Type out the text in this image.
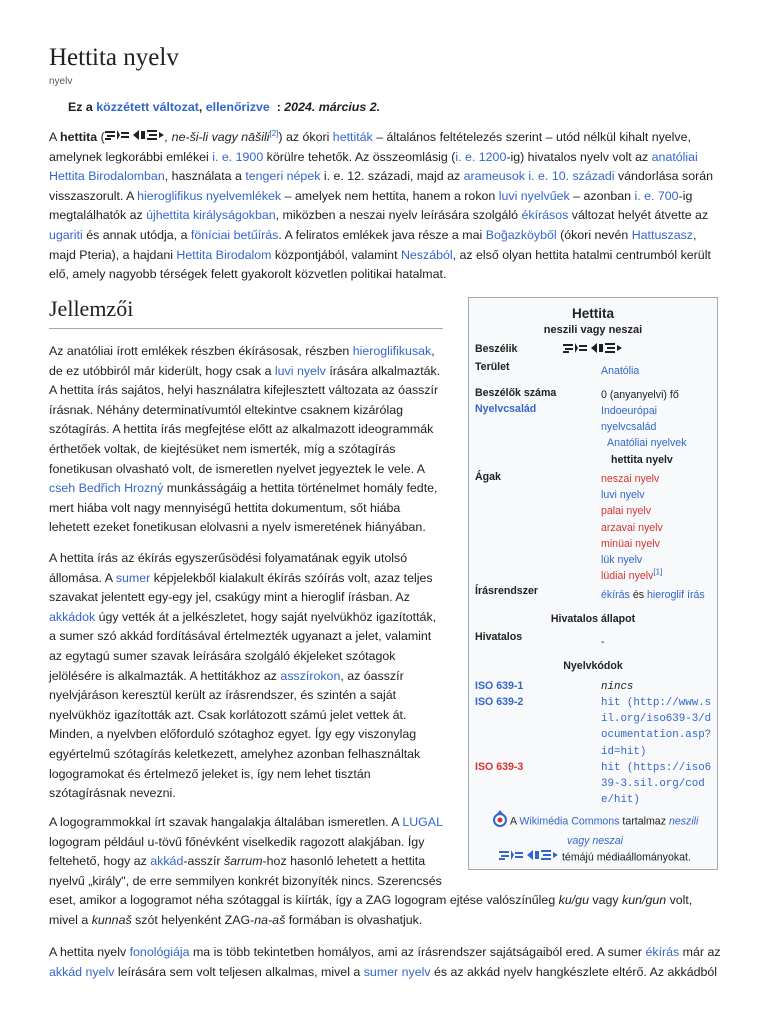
Hettita nyelv
nyelv
Ez a közzétett változat, ellenőrizve : 2024. március 2.
A hettita (	, ne-ši-li vagy nāšili[2]) az ókori hettiták – általános feltételezés szerint – utód nélkül kihalt nyelve,
amelynek legkorábbi emlékei i. e. 1900 körülre tehetők. Az összeomlásig (i. e. 1200-ig) hivatalos nyelv volt az anatóliai
Hettita Birodalomban, használata a tengeri népek i. e. 12. századi, majd az arameusok i. e. 10. századi vándorlása során
visszaszorult. A hieroglifikus nyelvemlékek – amelyek nem hettita, hanem a rokon luvi nyelvűek – azonban i. e. 700-ig
megtalálhatók az újhettita királyságokban, miközben a neszai nyelv leírására szolgáló ékírásos változat helyét átvette az
ugariti és annak utódja, a föníciai betűírás. A feliratos emlékek java része a mai Boğazköyből (ókori nevén Hattuszasz,
majd Pteria), a hajdani Hettita Birodalom központjából, valamint Neszából, az első olyan hettita hatalmi centrumból került
elő, amely nagyobb térségek felett gyakorolt közvetlen politikai hatalmat.
Jellemzői
Az anatóliai írott emlékek részben ékírásosak, részben hieroglifikusak,
de ez utóbbiról már kiderült, hogy csak a luvi nyelv írására alkalmazták.
A hettita írás sajátos, helyi használatra kifejlesztett változata az óasszír
írásnak. Néhány determinatívumtól eltekintve csaknem kizárólag
szótagírás. A hettita írás megfejtése előtt az alkalmazott ideogrammák
érthetőek voltak, de kiejtésüket nem ismerték, míg a szótagírás
fonetikusan olvasható volt, de ismeretlen nyelvet jegyeztek le vele. A
cseh Bedřich Hrozný munkásságáig a hettita történelmet homály fedte,
mert hiába volt nagy mennyiségű hettita dokumentum, sőt hiába
lehetett ezeket fonetikusan elolvasni a nyelv ismeretének hiányában.
A hettita írás az ékírás egyszerűsödési folyamatának egyik utolsó
állomása. A sumer képjelekből kialakult ékírás szóírás volt, azaz teljes
szavakat jelentett egy-egy jel, csakúgy mint a hieroglif írásban. Az
akkádok úgy vették át a jelkészletet, hogy saját nyelvükhöz igazították,
a sumer szó akkád fordításával értelmezték ugyanazt a jelet, valamint
az egytagú sumer szavak leírására szolgáló ékjeleket szótagok
jelölésére is alkalmazták. A hettitákhoz az asszírokon, az óasszír
nyelvjáráson keresztül került az írásrendszer, és szintén a saját
nyelvükhöz igazították azt. Csak korlátozott számú jelet vettek át.
Minden, a nyelvben előforduló szótaghoz egyet. Így egy viszonylag
egyértelmű szótagírás keletkezett, amelyhez azonban felhasználtak
logogramokat és értelmező jeleket is, így nem lehet tisztán
szótagírásnak nevezni.
A logogrammokkal írt szavak hangalakja általában ismeretlen. A LUGAL
logogram például u-tövű főnévként viselkedik ragozott alakjában. Így
feltehető, hogy az akkád-asszír šarrum-hoz hasonló lehetett a hettita
nyelvű „király", de erre semmilyen konkrét bizonyíték nincs. Szerencsés
eset, amikor a logogramot néha szótaggal is kiírták, így a ZAG logogram ejtése valószínűleg ku/gu vagy kun/gun volt,
mivel a kunnaš szót helyenként ZAG-na-aš formában is olvashatjuk.
A hettita nyelv fonológiája ma is több tekintetben homályos, ami az írásrendszer sajátságaiból ered. A sumer ékírás már az
akkád nyelv leírására sem volt teljesen alkalmas, mivel a sumer nyelv és az akkád nyelv hangkészlete eltérő. Az akkádból
Hettita
neszili vagy neszai
Beszélik
Terület	Anatólia
Beszélők száma	0 (anyanyelvi) fő
Nyelvcsalád	Indoeurópai
nyelvcsalád
Anatóliai nyelvek
hettita nyelv
Ágak	neszai nyelv
luvi nyelv
palai nyelv
arzavai nyelv
minüai nyelv
lük nyelv
lüdiai nyelv[1]
Írásrendszer	ékírás és hieroglif írás
Hivatalos állapot
Hivatalos	-
Nyelvkódok
ISO 639-1	nincs
ISO 639-2	hit (http://www.s
il.org/iso639-3/d
ocumentation.asp?
id=hit)
ISO 639-3	hit (https://iso6
39-3.sil.org/cod
e/hit)
A Wikimédia Commons tartalmaz neszili
vagy neszai
témájú médiaállományokat.
